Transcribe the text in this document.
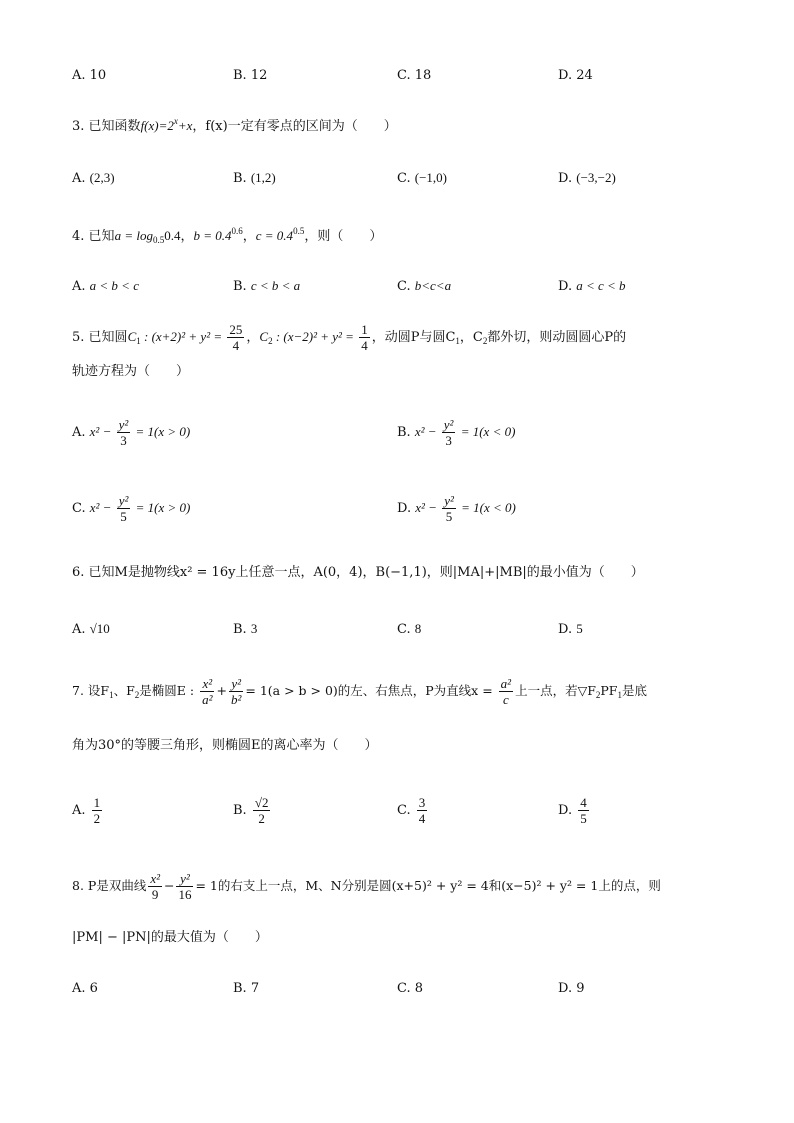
A. 10	B. 12	C. 18	D. 24
3. 已知函数$f(x)=2^x+x$，f(x)一定有零点的区间为（　　）
A. (2,3)	B. (1,2)	C. (−1,0)	D. (−3,−2)
4. 已知$a = \log_{0.5}0.4$，$b = 0.4^{0.6}$，$c = 0.4^{0.5}$，则（　　）
A. a < b < c	B. c < b < a	C. b<c<a	D. a < c < b
5. 已知圆$C_1$ : $(x+2)^2 + y^2 = \frac{25}{4}$ ，$C_2$ : $(x-2)^2 + y^2 = \frac{1}{4}$ ，动圆P与圆$C_1$，$C_2$都外切，则动圆圆心P的
轨迹方程为（　　）
A. $x^2 - \frac{\text{y²}}{3} = 1(x > 0)$	B. $x^2 - \frac{\text{y²}}{3} = 1(x < 0)$
C. $x^2 - \frac{\text{y²}}{5} = 1(x > 0)$	D. $x^2 - \frac{\text{y²}}{5} = 1(x < 0)$
6. 已知M是抛物线x² = 16y上任意一点，A(0，4)，B(−1,1)，则|MA|+|MB|的最小值为（　　）
A. √10	B. 3	C. 8	D. 5
7. 设$F_1$、$F_2$是椭圆E : $\frac{\text{x²}}{\text{a²}} + \frac{\text{y²}}{\text{b²}} = 1(a > b > 0)$的左、右焦点，P为直线$x = \frac{\text{a²}}{c}$ 上一点，若$▽F_2PF_1$是底
角为30°的等腰三角形，则椭圆E的离心率为（　　）
A. $\frac{1}{2}$	B. $\frac{√2}{2}$	C. $\frac{3}{4}$	D. $\frac{4}{5}$
8. P是双曲线 $\frac{\text{x²}}{9} - \frac{\text{y²}}{16} = 1$的右支上一点，M、N分别是圆(x+5)² + y² = 4和(x−5)² + y² = 1上的点，则
|PM| − |PN|的最大值为（　　）
A. 6	B. 7	C. 8	D. 9
